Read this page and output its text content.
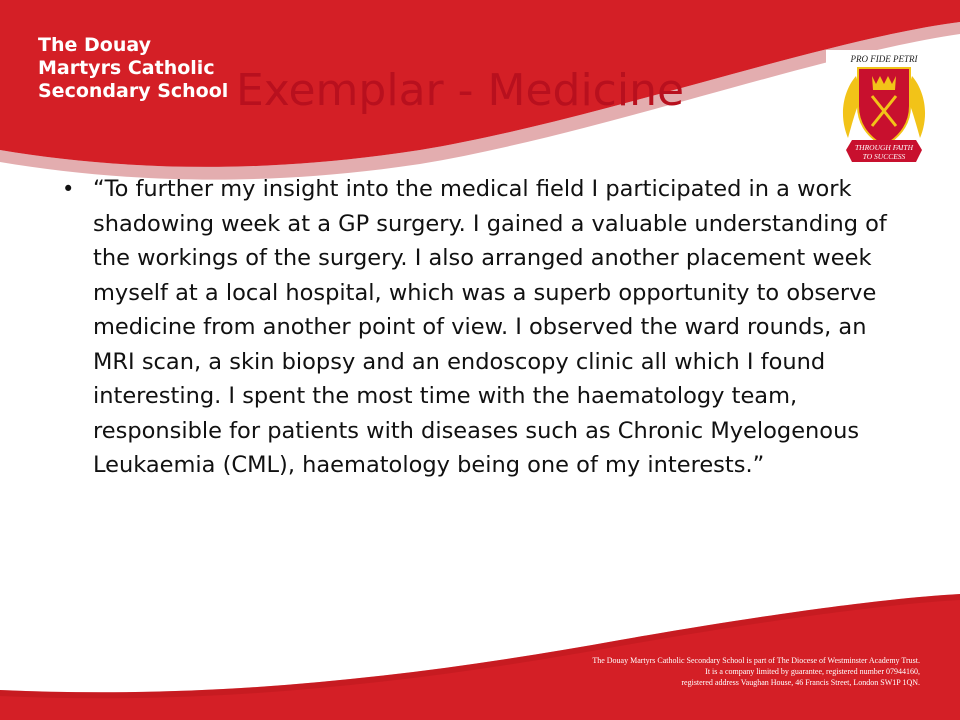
The Douay
Martyrs Catholic
Secondary School Exemplar - Medicine
PRO FIDE PETRI
THROUGH FAITH
TO SUCCESS
• “To further my insight into the medical field I participated in a work shadowing week at a GP surgery. I gained a valuable understanding of the workings of the surgery. I also arranged another placement week myself at a local hospital, which was a superb opportunity to observe medicine from another point of view. I observed the ward rounds, an MRI scan, a skin biopsy and an endoscopy clinic all which I found interesting. I spent the most time with the haematology team, responsible for patients with diseases such as Chronic Myelogenous Leukaemia (CML), haematology being one of my interests.”

The Douay Martyrs Catholic Secondary School is part of The Diocese of Westminster Academy Trust.
It is a company limited by guarantee, registered number 07944160,
registered address Vaughan House, 46 Francis Street, London SW1P 1QN.
